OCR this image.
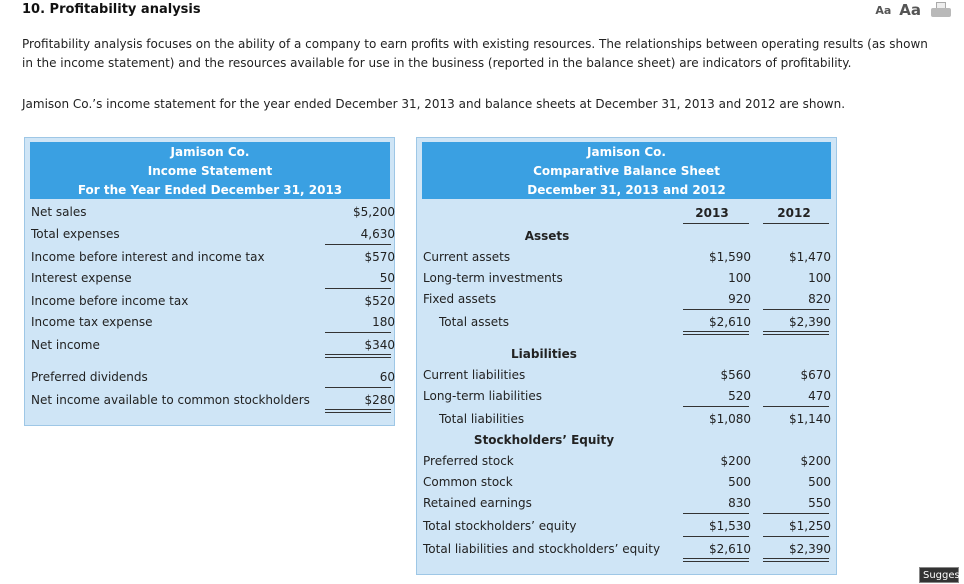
10. Profitability analysis	Aa Aa
Profitability analysis focuses on the ability of a company to earn profits with existing resources. The relationships between operating results (as shown in the income statement) and the resources available for use in the business (reported in the balance sheet) are indicators of profitability.
Jamison Co.’s income statement for the year ended December 31, 2013 and balance sheets at December 31, 2013 and 2012 are shown.
Jamison Co.
Income Statement
For the Year Ended December 31, 2013
Net sales	$5,200
Total expenses	4,630
Income before interest and income tax	$570
Interest expense	50
Income before income tax	$520
Income tax expense	180
Net income	$340
Preferred dividends	60
Net income available to common stockholders	$280
Jamison Co.
Comparative Balance Sheet
December 31, 2013 and 2012
2013	2012
Assets
Current assets	$1,590	$1,470
Long-term investments	100	100
Fixed assets	920	820
Total assets	$2,610	$2,390
Liabilities
Current liabilities	$560	$670
Long-term liabilities	520	470
Total liabilities	$1,080	$1,140
Stockholders’ Equity
Preferred stock	$200	$200
Common stock	500	500
Retained earnings	830	550
Total stockholders’ equity	$1,530	$1,250
Total liabilities and stockholders’ equity	$2,610	$2,390
Suggest
